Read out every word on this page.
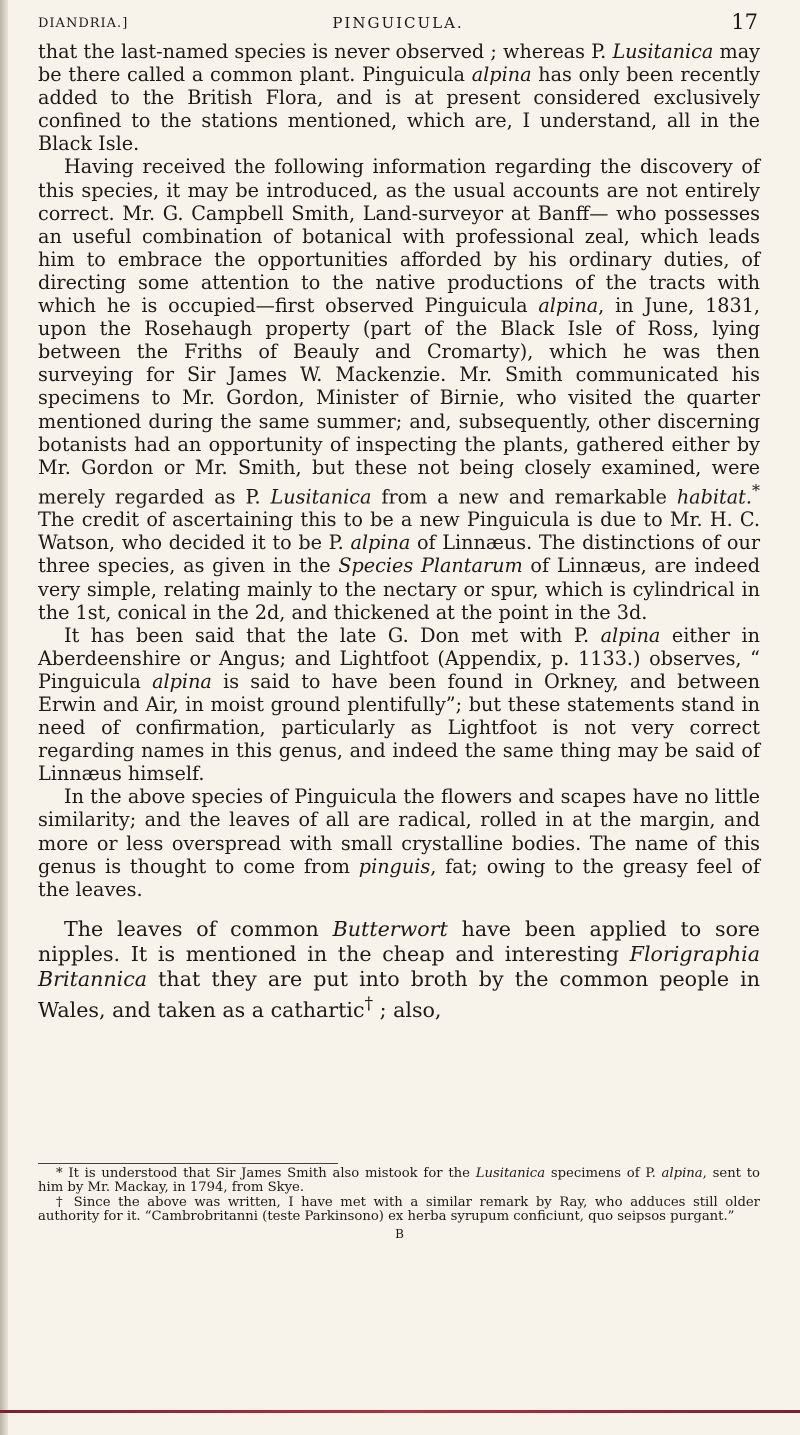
DIANDRIA.]	PINGUICULA.	17

that the last-named species is never observed ; whereas P. Lusitanica may be there called a common plant. Pinguicula alpina has only been recently added to the British Flora, and is at present considered exclusively confined to the stations mentioned, which are, I understand, all in the Black Isle.

Having received the following information regarding the discovery of this species, it may be introduced, as the usual accounts are not entirely correct. Mr. G. Campbell Smith, Land-surveyor at Banff— who possesses an useful combination of botanical with professional zeal, which leads him to embrace the opportunities afforded by his ordinary duties, of directing some attention to the native productions of the tracts with which he is occupied—first observed Pinguicula alpina, in June, 1831, upon the Rosehaugh property (part of the Black Isle of Ross, lying between the Friths of Beauly and Cromarty), which he was then surveying for Sir James W. Mackenzie. Mr. Smith communicated his specimens to Mr. Gordon, Minister of Birnie, who visited the quarter mentioned during the same summer; and, subsequently, other discerning botanists had an opportunity of inspecting the plants, gathered either by Mr. Gordon or Mr. Smith, but these not being closely examined, were merely regarded as P. Lusitanica from a new and remarkable habitat.* The credit of ascertaining this to be a new Pinguicula is due to Mr. H. C. Watson, who decided it to be P. alpina of Linnæus. The distinctions of our three species, as given in the Species Plantarum of Linnæus, are indeed very simple, relating mainly to the nectary or spur, which is cylindrical in the 1st, conical in the 2d, and thickened at the point in the 3d.

It has been said that the late G. Don met with P. alpina either in Aberdeenshire or Angus; and Lightfoot (Appendix, p. 1133.) observes, “ Pinguicula alpina is said to have been found in Orkney, and between Erwin and Air, in moist ground plentifully”; but these statements stand in need of confirmation, particularly as Lightfoot is not very correct regarding names in this genus, and indeed the same thing may be said of Linnæus himself.

In the above species of Pinguicula the flowers and scapes have no little similarity; and the leaves of all are radical, rolled in at the margin, and more or less overspread with small crystalline bodies. The name of this genus is thought to come from pinguis, fat; owing to the greasy feel of the leaves.

The leaves of common Butterwort have been applied to sore nipples. It is mentioned in the cheap and interesting Florigraphia Britannica that they are put into broth by the common people in Wales, and taken as a cathartic† ; also,

* It is understood that Sir James Smith also mistook for the Lusitanica specimens of P. alpina, sent to him by Mr. Mackay, in 1794, from Skye.

† Since the above was written, I have met with a similar remark by Ray, who adduces still older authority for it. “Cambrobritanni (teste Parkinsono) ex herba syrupum conficiunt, quo seipsos purgant.”

B
